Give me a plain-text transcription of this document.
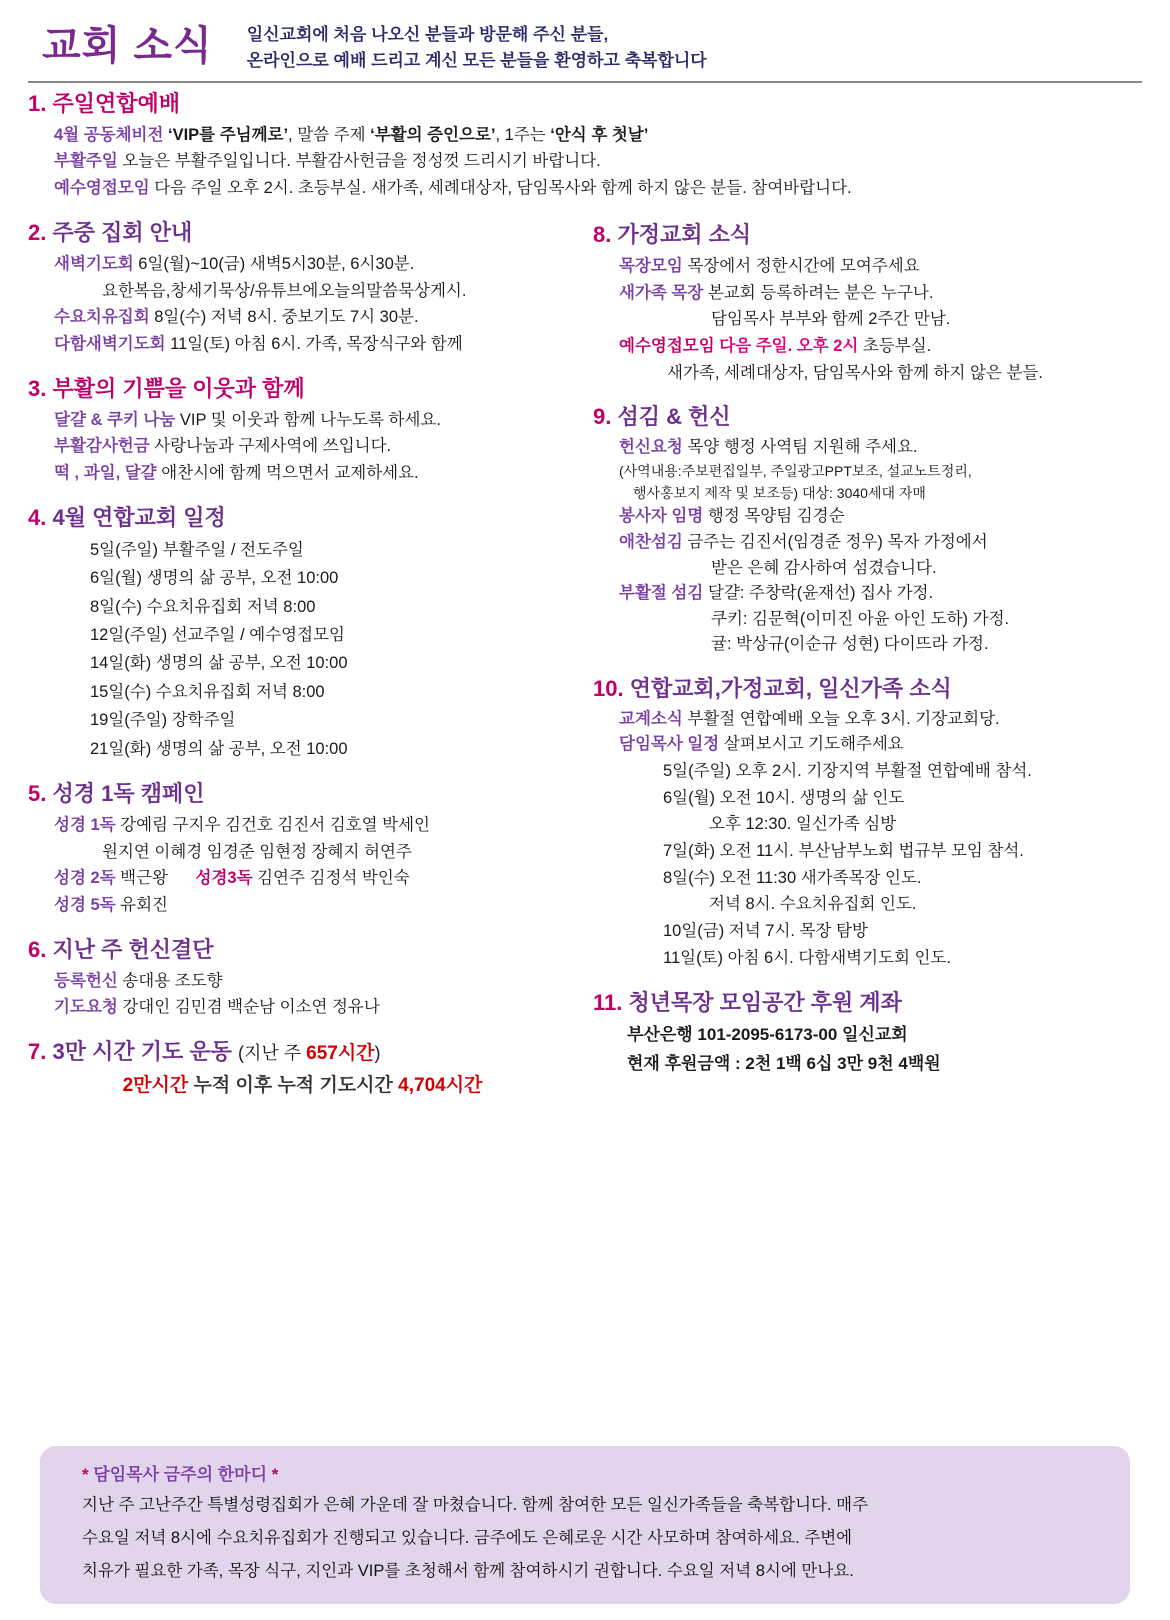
교회 소식 일신교회에 처음 나오신 분들과 방문해 주신 분들,
온라인으로 예배 드리고 계신 모든 분들을 환영하고 축복합니다
1. 주일연합예배
4월 공동체비전 ‘VIP를 주님께로’, 말씀 주제 ‘부활의 증인으로’, 1주는 ‘안식 후 첫날’
부활주일 오늘은 부활주일입니다. 부활감사헌금을 정성껏 드리시기 바랍니다.
예수영접모임 다음 주일 오후 2시. 초등부실. 새가족, 세례대상자, 담임목사와 함께 하지 않은 분들. 참여바랍니다.
2. 주중 집회 안내
새벽기도회 6일(월)~10(금) 새벽5시30분, 6시30분.
요한복음,창세기묵상/유튜브에오늘의말씀묵상게시.
수요치유집회 8일(수) 저녁 8시. 중보기도 7시 30분.
다함새벽기도회 11일(토) 아침 6시. 가족, 목장식구와 함께
3. 부활의 기쁨을 이웃과 함께
달걀 & 쿠키 나눔 VIP 및 이웃과 함께 나누도록 하세요.
부활감사헌금 사랑나눔과 구제사역에 쓰입니다.
떡 , 과일, 달걀 애찬시에 함께 먹으면서 교제하세요.
4. 4월 연합교회 일정
5일(주일) 부활주일 / 전도주일
6일(월) 생명의 삶 공부, 오전 10:00
8일(수) 수요치유집회 저녁 8:00
12일(주일) 선교주일 / 예수영접모임
14일(화) 생명의 삶 공부, 오전 10:00
15일(수) 수요치유집회 저녁 8:00
19일(주일) 장학주일
21일(화) 생명의 삶 공부, 오전 10:00
5. 성경 1독 캠페인
성경 1독 강예림 구지우 김건호 김진서 김호열 박세인
원지연 이혜경 임경준 임현정 장혜지 허연주
성경 2독 백근왕 성경3독 김연주 김정석 박인숙
성경 5독 유회진
6. 지난 주 헌신결단
등록헌신 송대용 조도향
기도요청 강대인 김민겸 백순남 이소연 정유나
7. 3만 시간 기도 운동 (지난 주 657시간)
2만시간 누적 이후 누적 기도시간 4,704시간
8. 가정교회 소식
목장모임 목장에서 정한시간에 모여주세요
새가족 목장 본교회 등록하려는 분은 누구나.
담임목사 부부와 함께 2주간 만남.
예수영접모임 다음 주일. 오후 2시 초등부실.
새가족, 세례대상자, 담임목사와 함께 하지 않은 분들.
9. 섬김 & 헌신
헌신요청 목양 행정 사역팀 지원해 주세요.
(사역내용:주보편집일부, 주일광고PPT보조, 설교노트정리,
행사홍보지 제작 및 보조등) 대상: 3040세대 자매
봉사자 임명 행정 목양팀 김경순
애찬섬김 금주는 김진서(임경준 정우) 목자 가정에서
받은 은혜 감사하여 섬겼습니다.
부활절 섬김 달걀: 주창락(윤재선) 집사 가정.
쿠키: 김문혁(이미진 아윤 아인 도하) 가정.
귤: 박상규(이순규 성현) 다이뜨라 가정.
10. 연합교회,가정교회, 일신가족 소식
교계소식 부활절 연합예배 오늘 오후 3시. 기장교회당.
담임목사 일정 살펴보시고 기도해주세요
5일(주일) 오후 2시. 기장지역 부활절 연합예배 참석.
6일(월) 오전 10시. 생명의 삶 인도
오후 12:30. 일신가족 심방
7일(화) 오전 11시. 부산남부노회 법규부 모임 참석.
8일(수) 오전 11:30 새가족목장 인도.
저녁 8시. 수요치유집회 인도.
10일(금) 저녁 7시. 목장 탐방
11일(토) 아침 6시. 다함새벽기도회 인도.
11. 청년목장 모임공간 후원 계좌
부산은행 101-2095-6173-00 일신교회
현재 후원금액 : 2천 1백 6십 3만 9천 4백원
* 담임목사 금주의 한마디 *
지난 주 고난주간 특별성령집회가 은혜 가운데 잘 마쳤습니다. 함께 참여한 모든 일신가족들을 축복합니다. 매주
수요일 저녁 8시에 수요치유집회가 진행되고 있습니다. 금주에도 은혜로운 시간 사모하며 참여하세요. 주변에
치유가 필요한 가족, 목장 식구, 지인과 VIP를 초청해서 함께 참여하시기 권합니다. 수요일 저녁 8시에 만나요.
